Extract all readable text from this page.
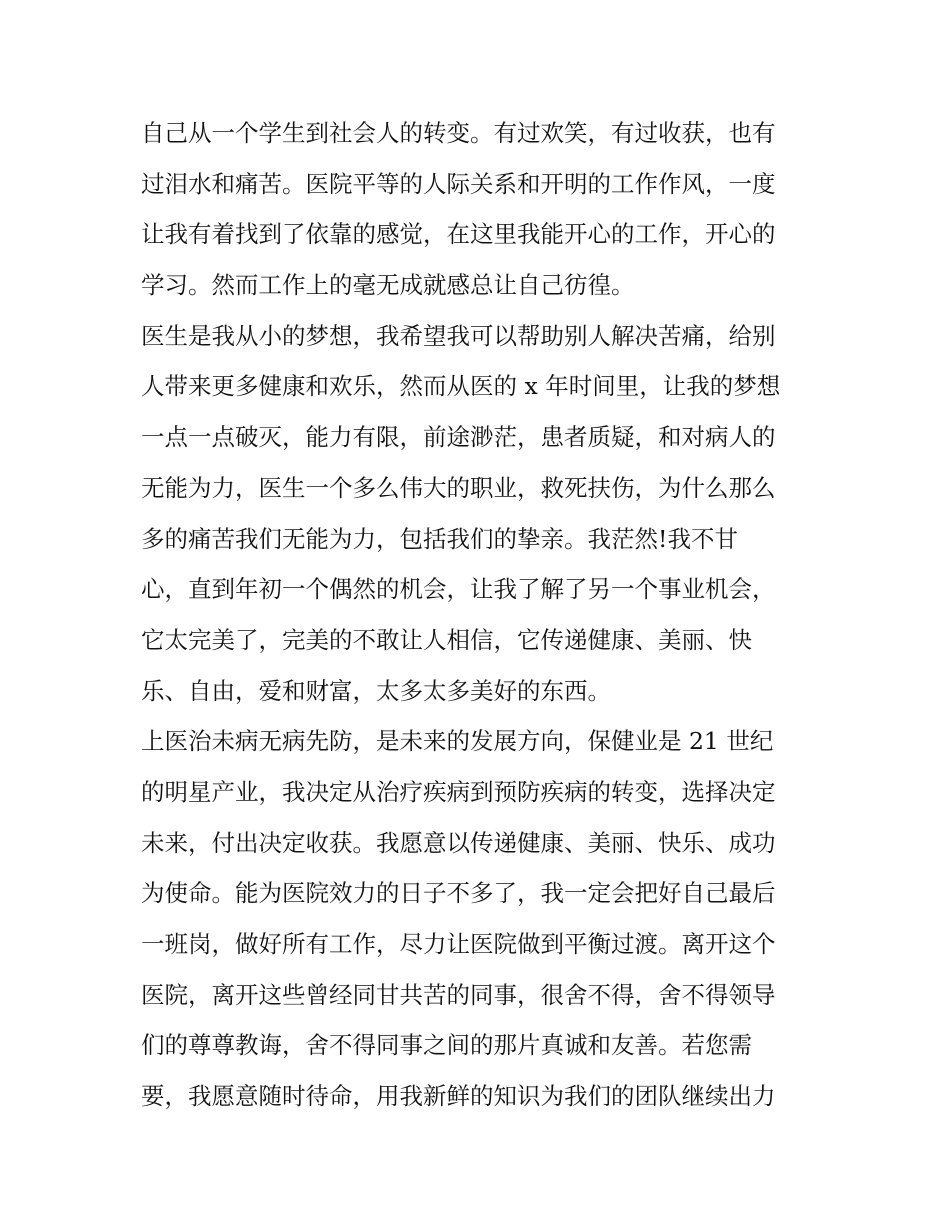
自己从一个学生到社会人的转变。有过欢笑，有过收获，也有
过泪水和痛苦。医院平等的人际关系和开明的工作作风，一度
让我有着找到了依靠的感觉，在这里我能开心的工作，开心的
学习。然而工作上的毫无成就感总让自己彷徨。
医生是我从小的梦想，我希望我可以帮助别人解决苦痛，给别
人带来更多健康和欢乐，然而从医的 x 年时间里，让我的梦想
一点一点破灭，能力有限，前途渺茫，患者质疑，和对病人的
无能为力，医生一个多么伟大的职业，救死扶伤，为什么那么
多的痛苦我们无能为力，包括我们的挚亲。我茫然!我不甘
心，直到年初一个偶然的机会，让我了解了另一个事业机会，
它太完美了，完美的不敢让人相信，它传递健康、美丽、快
乐、自由，爱和财富，太多太多美好的东西。
上医治未病无病先防，是未来的发展方向，保健业是 21 世纪
的明星产业，我决定从治疗疾病到预防疾病的转变，选择决定
未来，付出决定收获。我愿意以传递健康、美丽、快乐、成功
为使命。能为医院效力的日子不多了，我一定会把好自己最后
一班岗，做好所有工作，尽力让医院做到平衡过渡。离开这个
医院，离开这些曾经同甘共苦的同事，很舍不得，舍不得领导
们的尊尊教诲，舍不得同事之间的那片真诚和友善。若您需
要，我愿意随时待命，用我新鲜的知识为我们的团队继续出力
